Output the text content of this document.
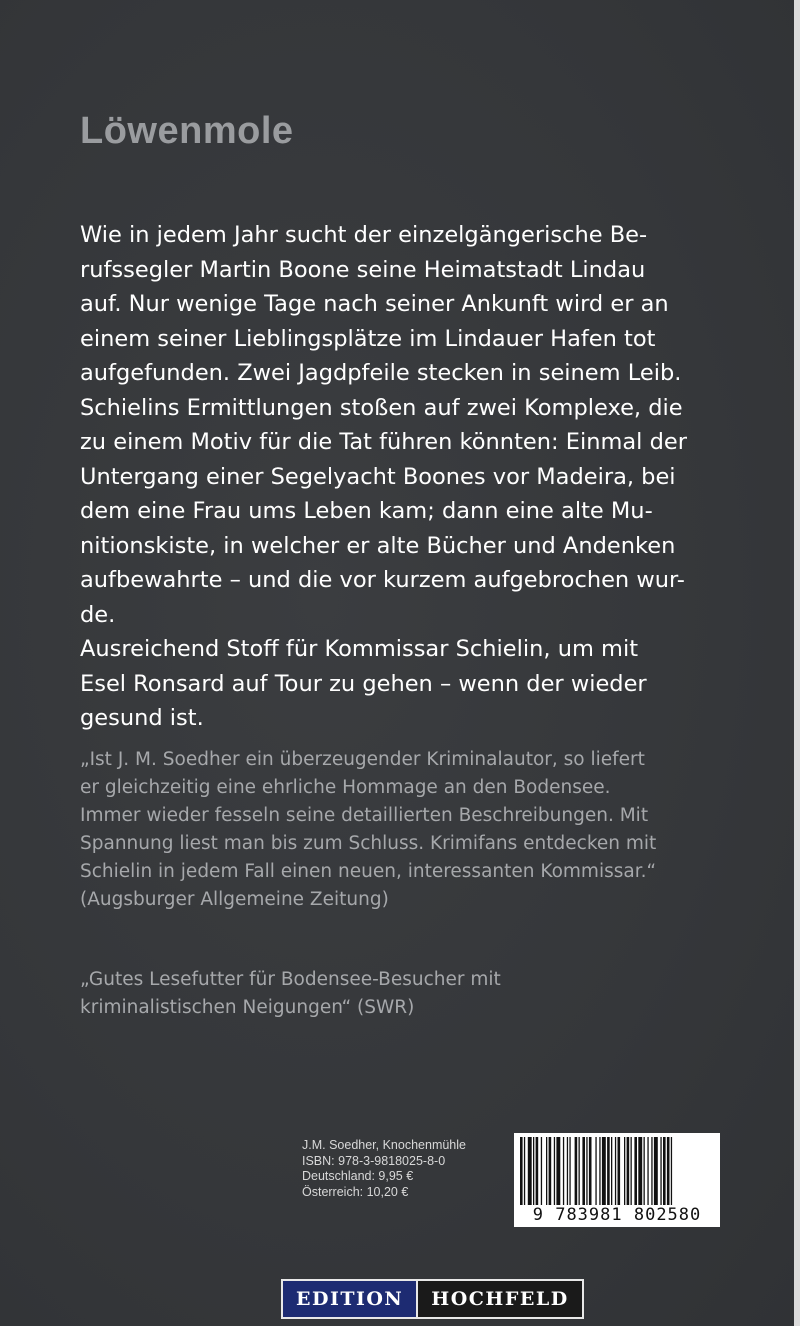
Löwenmole

Wie in jedem Jahr sucht der einzelgängerische Be-

rufssegler Martin Boone seine Heimatstadt Lindau

auf. Nur wenige Tage nach seiner Ankunft wird er an

einem seiner Lieblingsplätze im Lindauer Hafen tot

aufgefunden. Zwei Jagdpfeile stecken in seinem Leib.

Schielins Ermittlungen stoßen auf zwei Komplexe, die

zu einem Motiv für die Tat führen könnten: Einmal der

Untergang einer Segelyacht Boones vor Madeira, bei

dem eine Frau ums Leben kam; dann eine alte Mu-

nitionskiste, in welcher er alte Bücher und Andenken

aufbewahrte – und die vor kurzem aufgebrochen wur-

de.

Ausreichend Stoff für Kommissar Schielin, um mit

Esel Ronsard auf Tour zu gehen – wenn der wieder

gesund ist.

„Ist J. M. Soedher ein überzeugender Kriminalautor, so liefert

er gleichzeitig eine ehrliche Hommage an den Bodensee.

Immer wieder fesseln seine detaillierten Beschreibungen. Mit

Spannung liest man bis zum Schluss. Krimifans entdecken mit

Schielin in jedem Fall einen neuen, interessanten Kommissar.“

(Augsburger Allgemeine Zeitung)

„Gutes Lesefutter für Bodensee-Besucher mit

kriminalistischen Neigungen“ (SWR)

J.M. Soedher, Knochenmühle
ISBN: 978-3-9818025-8-0
Deutschland: 9,95 €
Österreich: 10,20 €
9 783981 802580
EDITION	HOCHFELD
